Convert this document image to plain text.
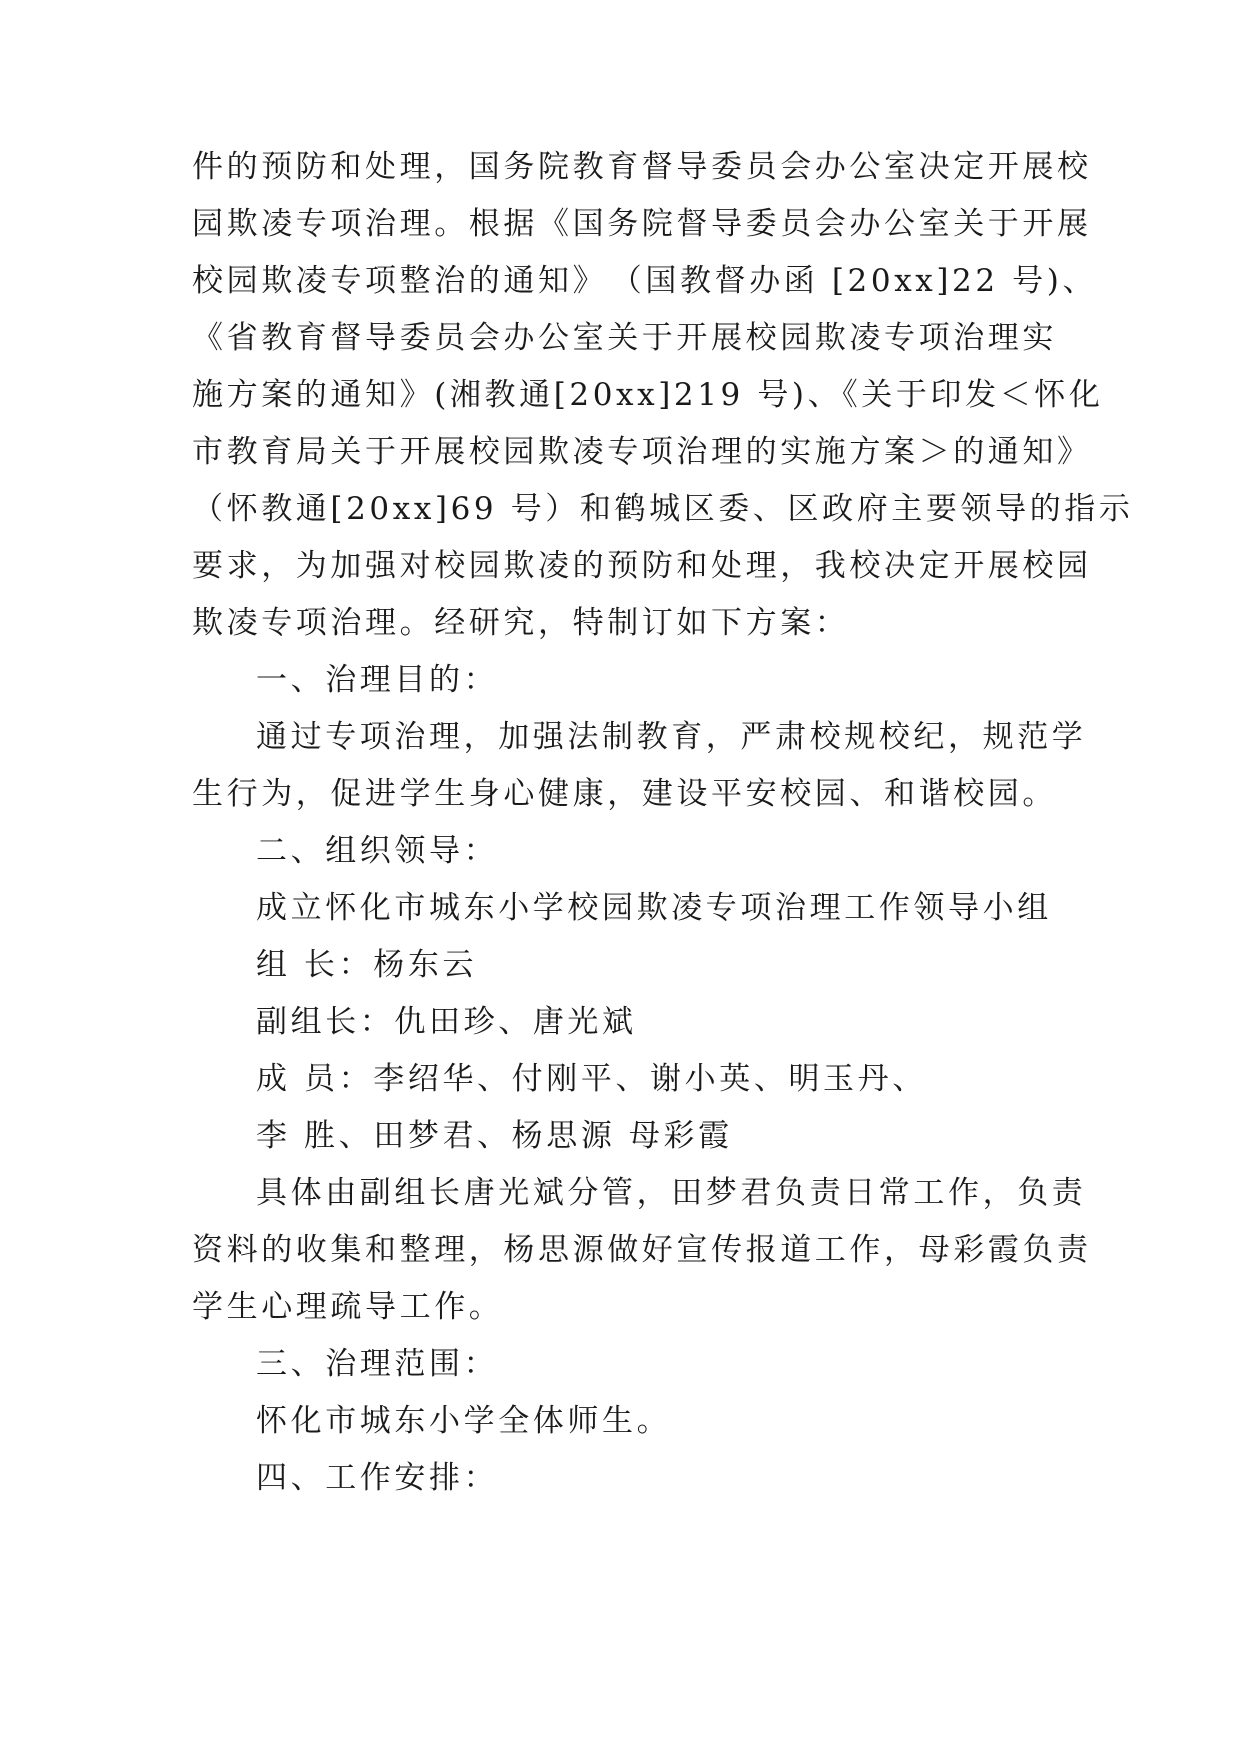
件的预防和处理，国务院教育督导委员会办公室决定开展校
园欺凌专项治理。根据《国务院督导委员会办公室关于开展
校园欺凌专项整治的通知》　（国教督办函 [20xx]22 号)、
《省教育督导委员会办公室关于开展校园欺凌专项治理实
施方案的通知》(湘教通[20xx]219 号)、《关于印发＜怀化
市教育局关于开展校园欺凌专项治理的实施方案＞的通知》
（怀教通[20xx]69 号）和鹤城区委、区政府主要领导的指示
要求，为加强对校园欺凌的预防和处理，我校决定开展校园
欺凌专项治理。经研究，特制订如下方案：
一、治理目的：
通过专项治理，加强法制教育，严肃校规校纪，规范学
生行为，促进学生身心健康，建设平安校园、和谐校园。
二、组织领导：
成立怀化市城东小学校园欺凌专项治理工作领导小组
组 长：杨东云
副组长：仇田珍、唐光斌
成 员：李绍华、付刚平、谢小英、明玉丹、
李 胜、田梦君、杨思源 母彩霞
具体由副组长唐光斌分管，田梦君负责日常工作，负责
资料的收集和整理，杨思源做好宣传报道工作，母彩霞负责
学生心理疏导工作。
三、治理范围：
怀化市城东小学全体师生。
四、工作安排：
